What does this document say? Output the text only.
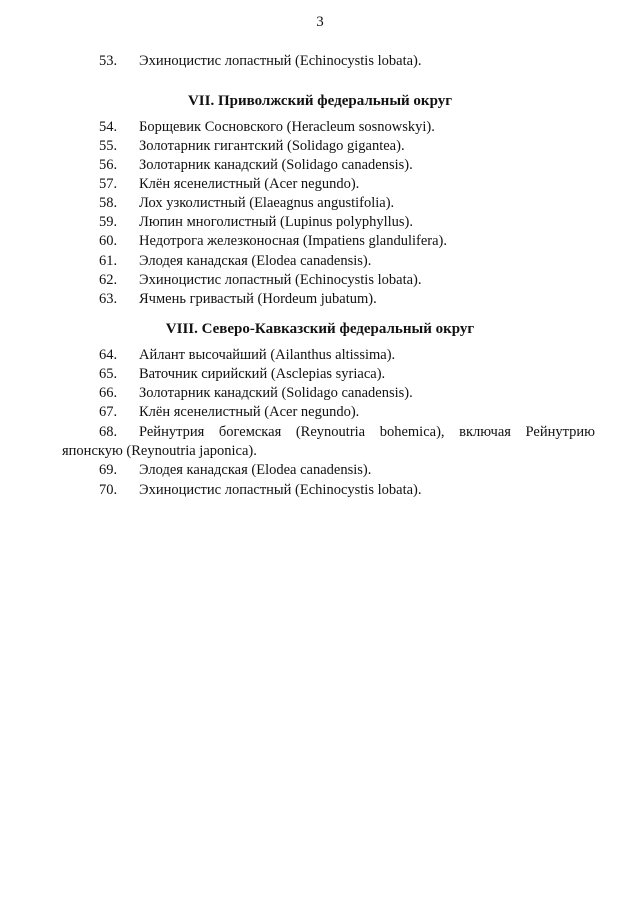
3
53.	Эхиноцистис лопастный (Echinocystis lobata).
VII. Приволжский федеральный округ
54.	Борщевик Сосновского (Heracleum sosnowskyi).
55.	Золотарник гигантский (Solidago gigantea).
56.	Золотарник канадский (Solidago canadensis).
57.	Клён ясенелистный (Acer negundo).
58.	Лох узколистный (Elaeagnus angustifolia).
59.	Люпин многолистный (Lupinus polyphyllus).
60.	Недотрога железконосная (Impatiens glandulifera).
61.	Элодея канадская (Elodea canadensis).
62.	Эхиноцистис лопастный (Echinocystis lobata).
63.	Ячмень гривастый (Hordeum jubatum).
VIII. Северо-Кавказский федеральный округ
64.	Айлант высочайший (Ailanthus altissima).
65.	Ваточник сирийский (Asclepias syriaca).
66.	Золотарник канадский (Solidago canadensis).
67.	Клён ясенелистный (Acer negundo).
68.	Рейнутрия богемская (Reynoutria bohemica), включая Рейнутрию
японскую (Reynoutria japonica).
69.	Элодея канадская (Elodea canadensis).
70.	Эхиноцистис лопастный (Echinocystis lobata).
